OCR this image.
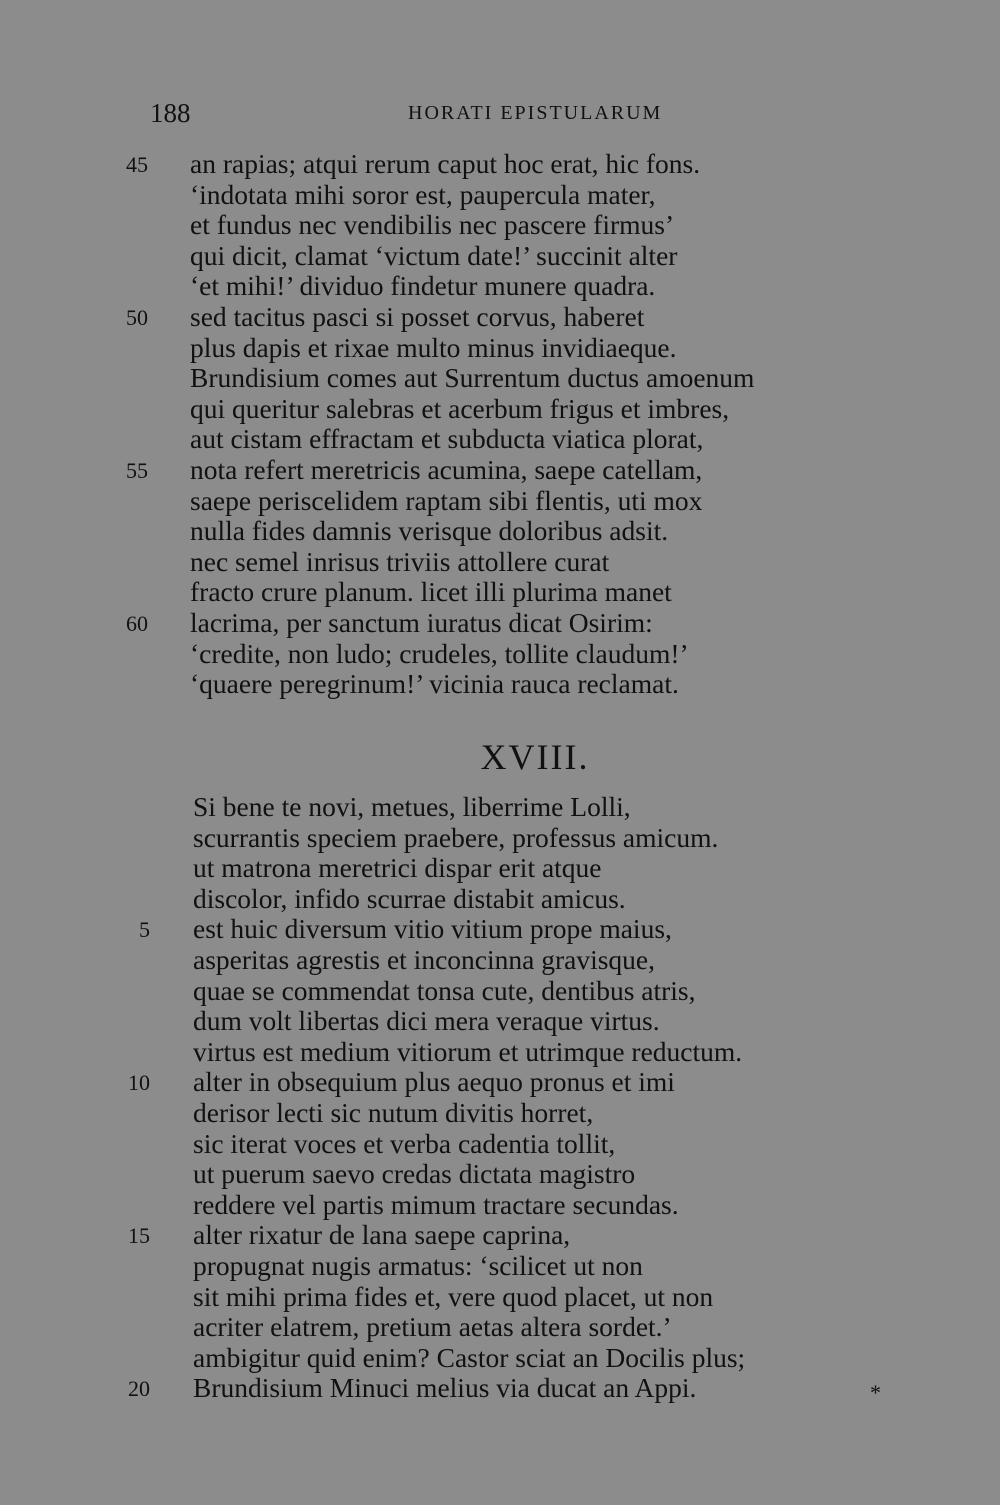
188	HORATI EPISTULARUM
45 an rapias; atqui rerum caput hoc erat, hic fons.
‘indotata mihi soror est, paupercula mater,
et fundus nec vendibilis nec pascere firmus’
qui dicit, clamat ‘victum date!’ succinit alter
‘et mihi!’ dividuo findetur munere quadra.
50 sed tacitus pasci si posset corvus, haberet
plus dapis et rixae multo minus invidiaeque.
Brundisium comes aut Surrentum ductus amoenum
qui queritur salebras et acerbum frigus et imbres,
aut cistam effractam et subducta viatica plorat,
55 nota refert meretricis acumina, saepe catellam,
saepe periscelidem raptam sibi flentis, uti mox
nulla fides damnis verisque doloribus adsit.
nec semel inrisus triviis attollere curat
fracto crure planum. licet illi plurima manet
60 lacrima, per sanctum iuratus dicat Osirim:
‘credite, non ludo; crudeles, tollite claudum!’
‘quaere peregrinum!’ vicinia rauca reclamat.
XVIII.
Si bene te novi, metues, liberrime Lolli,
scurrantis speciem praebere, professus amicum.
ut matrona meretrici dispar erit atque
discolor, infido scurrae distabit amicus.
5 est huic diversum vitio vitium prope maius,
asperitas agrestis et inconcinna gravisque,
quae se commendat tonsa cute, dentibus atris,
dum volt libertas dici mera veraque virtus.
virtus est medium vitiorum et utrimque reductum.
10 alter in obsequium plus aequo pronus et imi
derisor lecti sic nutum divitis horret,
sic iterat voces et verba cadentia tollit,
ut puerum saevo credas dictata magistro
reddere vel partis mimum tractare secundas.
15 alter rixatur de lana saepe caprina,
propugnat nugis armatus: ‘scilicet ut non
sit mihi prima fides et, vere quod placet, ut non
acriter elatrem, pretium aetas altera sordet.’
ambigitur quid enim? Castor sciat an Docilis plus;
20 Brundisium Minuci melius via ducat an Appi.	*
